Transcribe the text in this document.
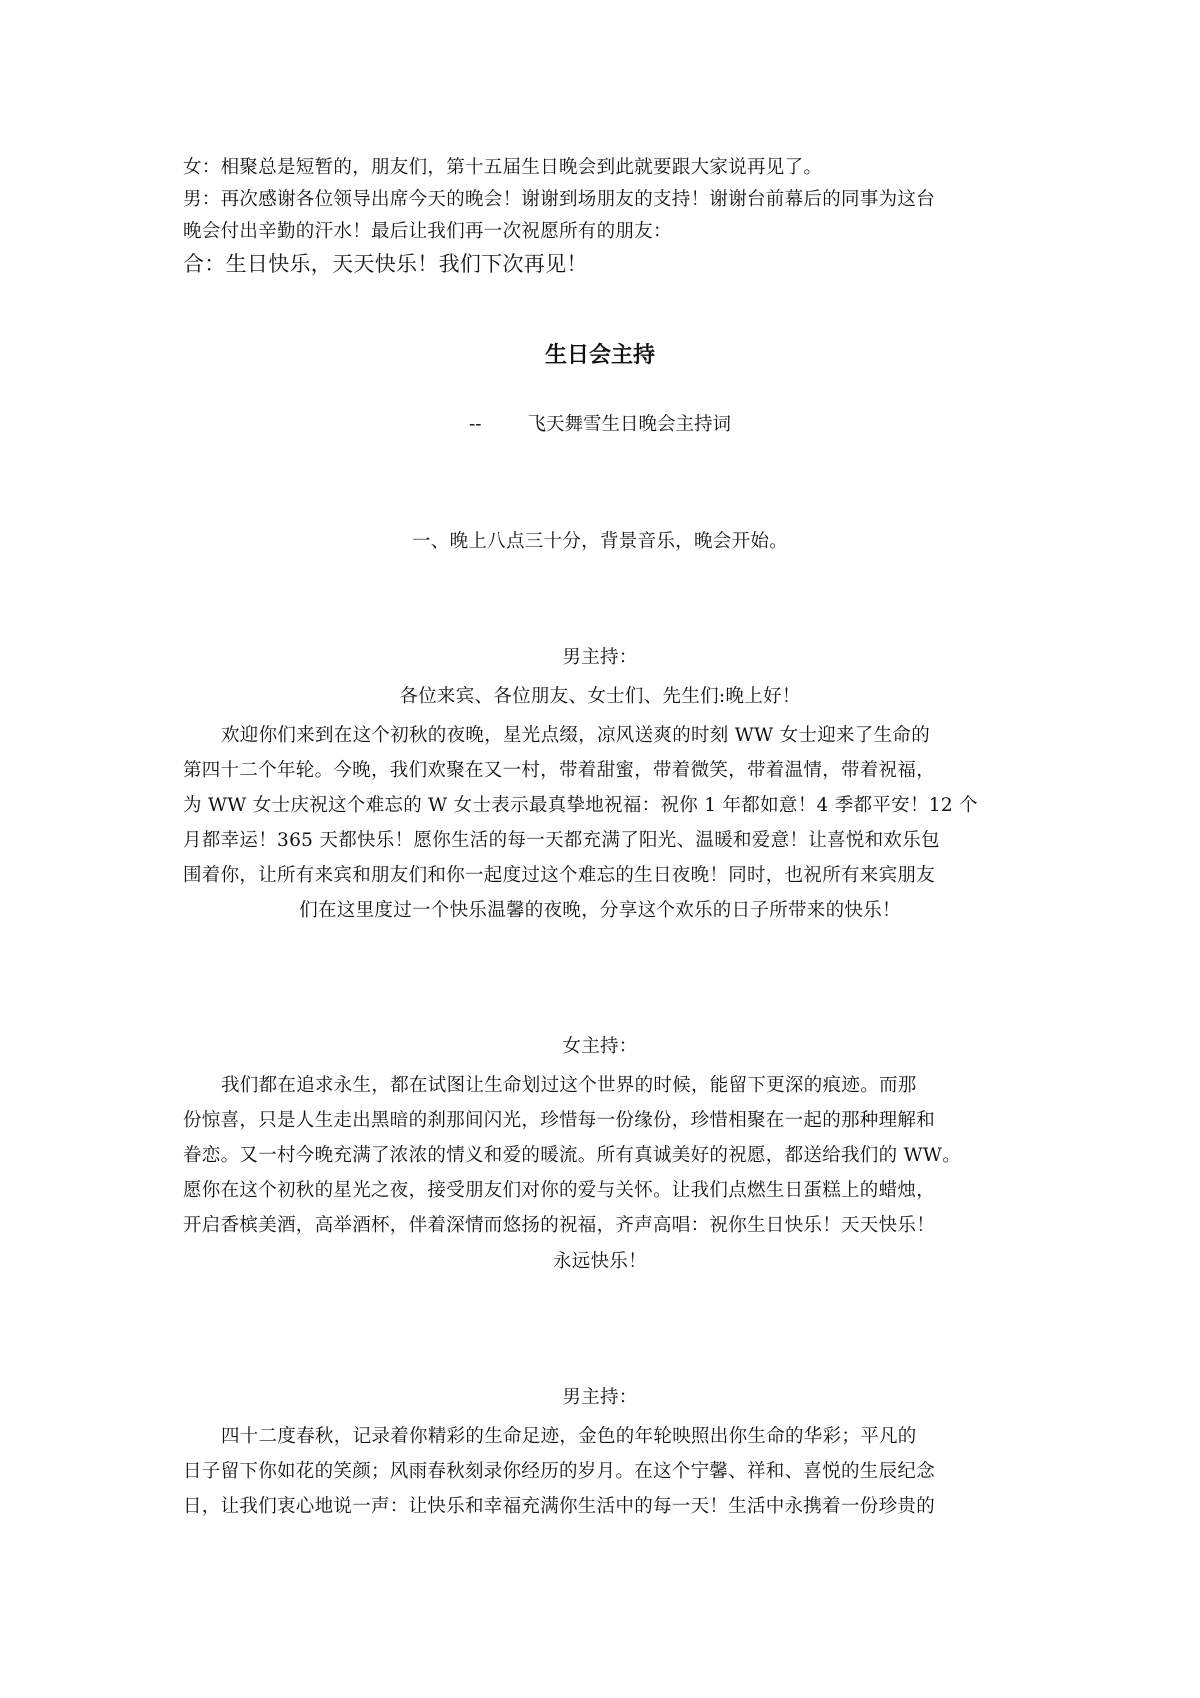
女：相聚总是短暂的，朋友们，第十五届生日晚会到此就要跟大家说再见了。
男：再次感谢各位领导出席今天的晚会！谢谢到场朋友的支持！谢谢台前幕后的同事为这台
晚会付出辛勤的汗水！最后让我们再一次祝愿所有的朋友：
合：生日快乐，天天快乐！我们下次再见！
生日会主持
-- 飞天舞雪生日晚会主持词
一、晚上八点三十分，背景音乐，晚会开始。
男主持：
各位来宾、各位朋友、女士们、先生们:晚上好！
欢迎你们来到在这个初秋的夜晚，星光点缀，凉风送爽的时刻 WW 女士迎来了生命的
第四十二个年轮。今晚，我们欢聚在又一村，带着甜蜜，带着微笑，带着温情，带着祝福，
为 WW 女士庆祝这个难忘的 W 女士表示最真挚地祝福：祝你 1 年都如意！4 季都平安！12 个
月都幸运！365 天都快乐！愿你生活的每一天都充满了阳光、温暖和爱意！让喜悦和欢乐包
围着你，让所有来宾和朋友们和你一起度过这个难忘的生日夜晚！同时，也祝所有来宾朋友
们在这里度过一个快乐温馨的夜晚，分享这个欢乐的日子所带来的快乐！
女主持：
我们都在追求永生，都在试图让生命划过这个世界的时候，能留下更深的痕迹。而那
份惊喜，只是人生走出黑暗的刹那间闪光，珍惜每一份缘份，珍惜相聚在一起的那种理解和
眷恋。又一村今晚充满了浓浓的情义和爱的暖流。所有真诚美好的祝愿，都送给我们的 WW。
愿你在这个初秋的星光之夜，接受朋友们对你的爱与关怀。让我们点燃生日蛋糕上的蜡烛，
开启香槟美酒，高举酒杯，伴着深情而悠扬的祝福，齐声高唱：祝你生日快乐！天天快乐！
永远快乐！
男主持：
四十二度春秋，记录着你精彩的生命足迹，金色的年轮映照出你生命的华彩；平凡的
日子留下你如花的笑颜；风雨春秋刻录你经历的岁月。在这个宁馨、祥和、喜悦的生辰纪念
日，让我们衷心地说一声：让快乐和幸福充满你生活中的每一天！生活中永携着一份珍贵的
